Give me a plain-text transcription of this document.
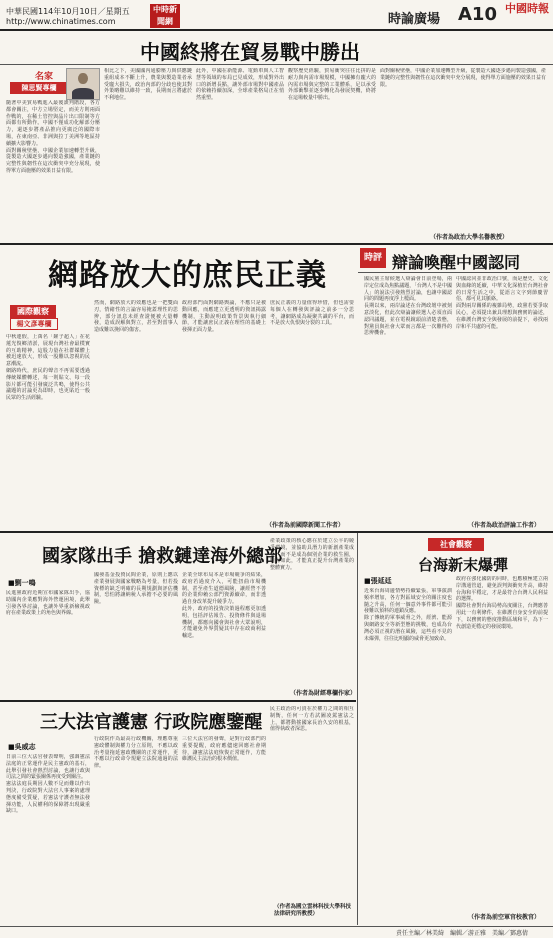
中華民國114年10月10日／星期五
http://www.chinatimes.com
中時新聞網	時論廣場 A10 中國時報
中國終將在貿易戰中勝出
名家
陳思賢專欄

隨著中美貿易戰進入最後談判階段，各方都會關注，中方立場堅定，而美方則兩面作戰的，在稀土管控與晶片出口限制等方面都有所動作。中國不僅成功化解部分壓力，還逐步將產品推向更廣泛的國際市場，在東南亞、非洲與拉丁美洲等地區持續擴大影響力。

面對關稅壁壘，中國企業加速轉型升級，從製造大國逐步邁向製造強國，產業鏈的完整性與韌性在這次衝突中充分展現，使得單方面施壓的效果日益有限。

相比之下，美國國內通膨壓力與供應鏈重組成本不斷上升，農業與製造業者承受龐大損失，政治內部的分歧也使其對外策略難以維持一致，長期而言將處於不利地位。

此外，中國在新能源、電動車與人工智慧等領域的布局已見成效，形成對外出口的新增長點，讓外部市場對中國產品的依賴持續加深，全球產業格局正在悄然重塑。

觀察歷史經驗，貿易衝突往往比拼的是耐力與內需市場規模，中國擁有龐大的內需市場與完整的工業體系，足以承受外部衝擊並逐步轉化為發展契機，終將在這場較量中勝出。

面對關稅壁壘，中國企業加速轉型升級，從製造大國逐步邁向製造強國，產業鏈的完整性與韌性在這次衝突中充分展現，使得單方面施壓的效果日益有限。

（作者為政治大學名譽教授）
網路放大的庶民正義
國際觀察
楊文彥專欄

中秋連假，上萬名「鏟子超人」在花蓮光復鄉清淤，展現台灣社會最樸實的互助精神，這股力量在社群媒體上被迅速放大，形成一股難以忽視的民意潮流。

網路時代，庶民的聲音不再需要透過傳統媒體轉述，每一則貼文、每一段影片都可能引發廣泛共鳴，使得公共議題的討論更為即時，也更貼近一般民眾的生活經驗。

然而，網路放大的效應也是一把雙面刃，情緒性的言論容易掩蓋理性的思辨，部分訊息未經查證便被大量轉發，造成誤解與對立，甚至對當事人造成難以挽回的傷害。

政府部門面對網路輿論，不應只是被動回應，而應建立更透明的資訊揭露機制，主動說明政策背景與執行細節，才能讓庶民正義在理性的基礎上發揮正面力量。

庶民正義的力量值得珍惜，但也需要每個人在轉發與評論之前多一分思考，讓網路成為凝聚共識的平台，而不是放大仇恨與分裂的工具。

（作者為前國際新聞工作者）
時評 辯論喚醒中國認同

國民黨主席候選人辯論會日前登場，兩岸定位成為焦點議題，「台灣人不是中國人」的說法引發熱烈討論，也讓中國認同的問題再度浮上檯面。

長期以來，兩岸論述在台灣政壇中被刻意淡化，但此次辯論讓候選人必須直面認同議題，並在電視鏡頭前清楚表態，對黨員與社會大眾而言都是一次難得的思辨機會。

中國認同並非政治口號，而是歷史、文化與血緣的延續，中華文化深植於台灣社會的日常生活之中，從語言文字到節慶習俗，都可見其脈絡。

面對兩岸關係的複雜局勢，政黨若要爭取民心，必須提出兼具理想與務實的論述，在維護台灣安全與發展的前提下，尋找兩岸和平共處的可能。

（作者為政治評論工作者）
國家隊出手 搶救鏈達海外總部
■劉一鳴

民進黨政府近期宣布國家隊出手，協助國內企業應對海外營運困境，此舉引發各界討論，也讓外界重新檢視政府在產業政策上的角色與界線。

國發基金投資民間企業，原則上應以產業發展與國家戰略為考量，但若投資標的缺乏明確的長期規劃與評估機制，恐怕將讓納稅人承擔不必要的風險。

企業全球布局本是市場競爭的結果，政府若過度介入，可能扭曲市場機制，甚至產生道德風險，讓經營不善的企業仰賴公部門資源續命，而非透過自身改革提升競爭力。

此外，政府的投資決策過程應更加透明，包括評估報告、投資條件與退場機制，都應向國會與社會大眾說明，才能避免外界質疑其中存在政商利益輸送。

產業政策的核心應在於建立公平的競爭環境，並協助具潛力的新創產業成長，而不是成為個別企業的救生圈，唯有如此，才能真正提升台灣產業的整體實力。

（作者為財經專欄作家）
社會觀察
台海新末爆彈
■張延廷

近來台海周邊情勢持續緊張，軍事演訓頻率增加，各方對區域安全的關注度也隨之升高，任何一個意外事件都可能引發難以預料的連鎖反應。

除了傳統的軍事威脅之外，經濟、能源與網路安全等新型態的挑戰，也成為台灣必須正視的潛在風險，這些看不見的未爆彈，往往比明顯的威脅更加致命。

政府在強化國防的同時，也應積極建立兩岸溝通管道，避免誤判與衝突升高，維持台海和平穩定，才是最符合台灣人民利益的選擇。

國際社會對台海局勢高度關注，台灣應善用此一有利條件，在維護自身安全的前提下，以務實的態度推動區域和平，為下一代創造更穩定的發展環境。

（作者為前空軍官校教官）
三大法官護憲 行政院應鑒醒
■吳威志

日前三位大法官發表聲明，強調憲法法庭的正常運作是民主憲政的基石，此舉引發社會熱烈討論，也讓行政與司法之間的緊張關係再度受到關注。

憲法法庭長期因人數不足而難以作出判決，行政院對大法官人事案的處理態度備受質疑，若憲法守護者無法發揮功能，人民權利的保障將出現嚴重缺口。

行政院作為最高行政機關，理應尊重憲政體制與權力分立原則，不應以政治考量拖延憲政機關的正常運作，更不應以行政命令規避立法院通過的法律。

三位大法官的發聲，是對行政部門的重要提醒，政府應儘速回應社會期待，讓憲法法庭恢復正常運作，方能維護民主法治的根本價值。

民主政治的可貴在於權力之間的相互制衡，任何一方若試圖凌駕憲法之上，都將動搖國家長治久安的根基，值得執政者深思。

（作者為國立雲林科技大學科技法律研究所教授）
責任主編／林美綺　編輯／游正雅　美編／鄧惠倩
